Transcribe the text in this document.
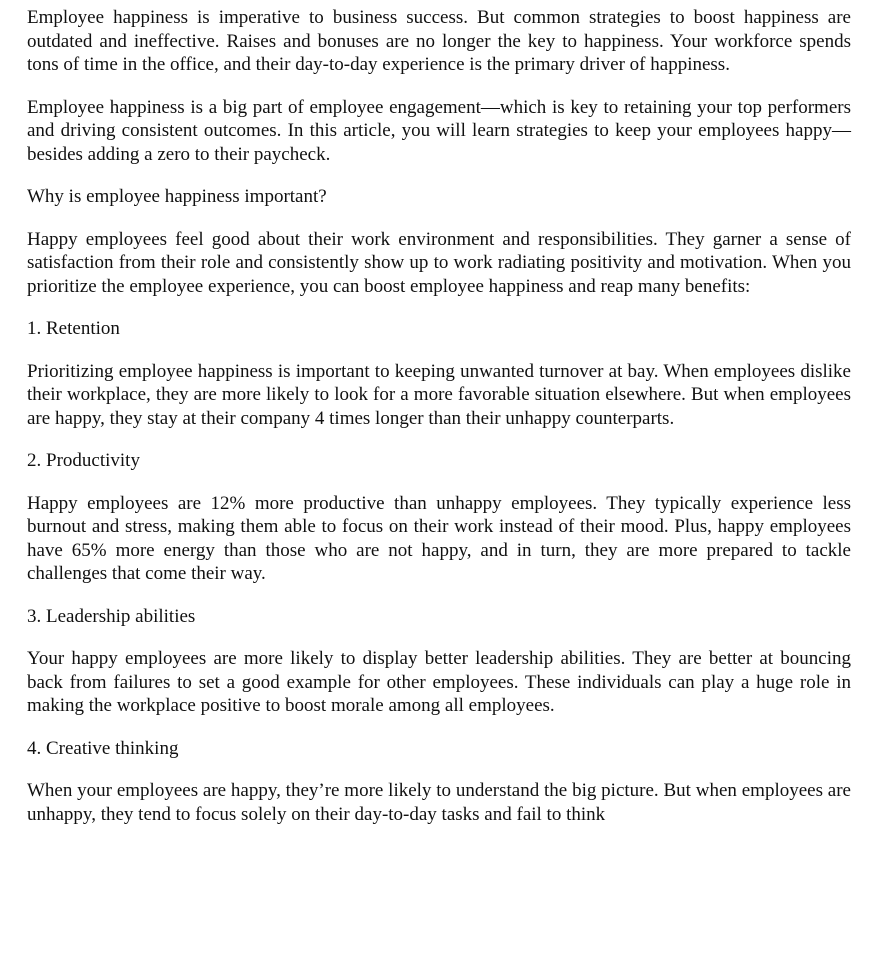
Employee happiness is imperative to business success. But common strategies to boost happiness are outdated and ineffective. Raises and bonuses are no longer the key to happiness. Your workforce spends tons of time in the office, and their day-to-day experience is the primary driver of happiness.

Employee happiness is a big part of employee engagement—which is key to retaining your top performers and driving consistent outcomes. In this article, you will learn strategies to keep your employees happy—besides adding a zero to their paycheck.

Why is employee happiness important?

Happy employees feel good about their work environment and responsibilities. They garner a sense of satisfaction from their role and consistently show up to work radiating positivity and motivation. When you prioritize the employee experience, you can boost employee happiness and reap many benefits:

1. Retention

Prioritizing employee happiness is important to keeping unwanted turnover at bay. When employees dislike their workplace, they are more likely to look for a more favorable situation elsewhere. But when employees are happy, they stay at their company 4 times longer than their unhappy counterparts.

2. Productivity

Happy employees are 12% more productive than unhappy employees. They typically experience less burnout and stress, making them able to focus on their work instead of their mood. Plus, happy employees have 65% more energy than those who are not happy, and in turn, they are more prepared to tackle challenges that come their way.

3. Leadership abilities

Your happy employees are more likely to display better leadership abilities. They are better at bouncing back from failures to set a good example for other employees. These individuals can play a huge role in making the workplace positive to boost morale among all employees.

4. Creative thinking

When your employees are happy, they’re more likely to understand the big picture. But when employees are unhappy, they tend to focus solely on their day-to-day tasks and fail to think
